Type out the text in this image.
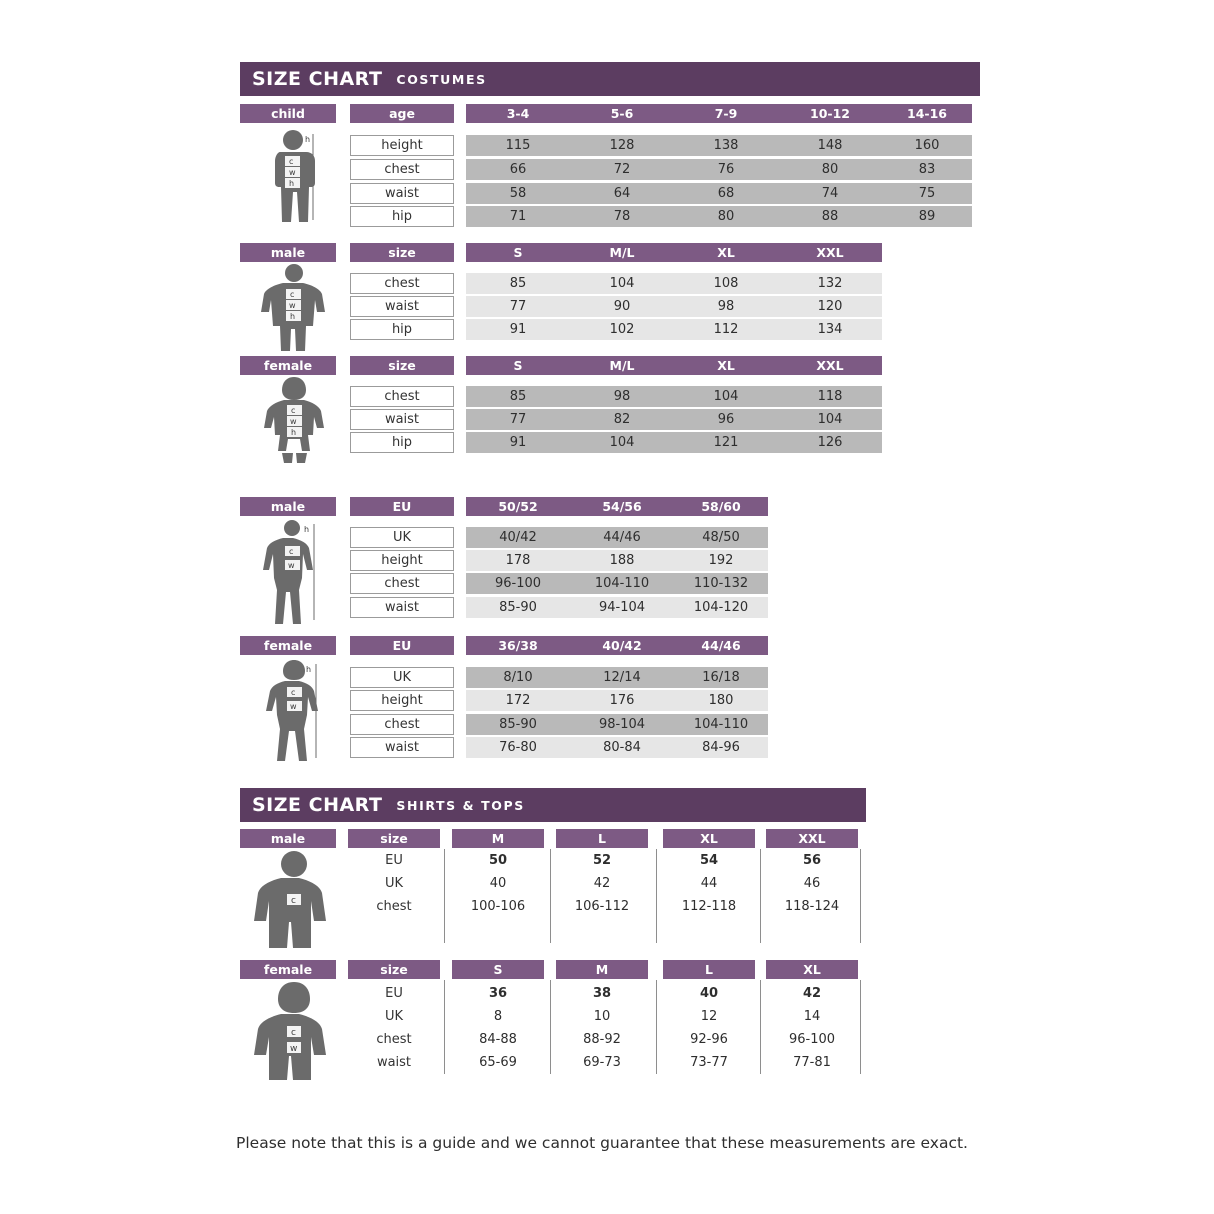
SIZE CHART COSTUMES
child	age	3-4	5-6	7-9	10-12	14-16
height	115	128	138	148	160
chest	66	72	76	80	83
waist	58	64	68	74	75
hip	71	78	80	88	89
h
c
w
h
male	size	S	M/L	XL	XXL
chest	85	104	108	132
waist	77	90	98	120
hip	91	102	112	134
c
w
h
female	size	S	M/L	XL	XXL
chest	85	98	104	118
waist	77	82	96	104
hip	91	104	121	126
c
w
h
male	EU	50/52	54/56	58/60
UK	40/42	44/46	48/50
height	178	188	192
chest	96-100	104-110	110-132
waist	85-90	94-104	104-120
h
c
w
female	EU	36/38	40/42	44/46
UK	8/10	12/14	16/18
height	172	176	180
chest	85-90	98-104	104-110
waist	76-80	80-84	84-96
h
c
w
SIZE CHART SHIRTS & TOPS
male	size	M	L	XL	XXL
EU	50	52	54	56
UK	40	42	44	46
chest	100-106	106-112	112-118	118-124
c
female	size	S	M	L	XL
EU	36	38	40	42
UK	8	10	12	14
chest	84-88	88-92	92-96	96-100
waist	65-69	69-73	73-77	77-81
c
w
Please note that this is a guide and we cannot guarantee that these measurements are exact.
